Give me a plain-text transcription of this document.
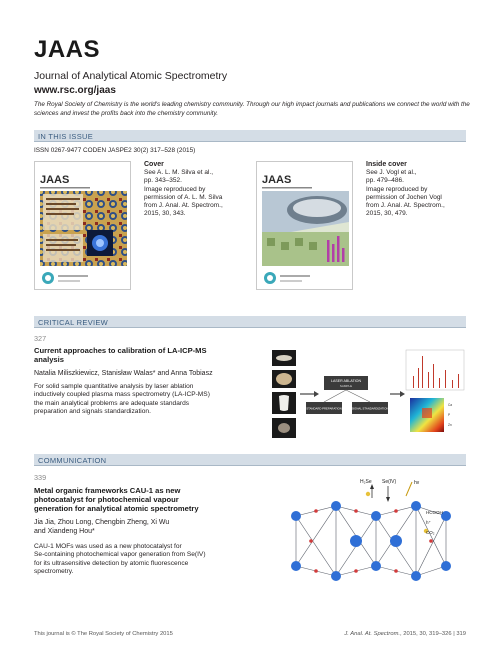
JAAS
Journal of Analytical Atomic Spectrometry
www.rsc.org/jaas
The Royal Society of Chemistry is the world's leading chemistry community. Through our high impact journals and publications we connect the world with the sciences and invest the profits back into the chemistry community.
IN THIS ISSUE
ISSN 0267-9477 CODEN JASPE2 30(2) 317–528 (2015)
JAAS
Cover
See A. L. M. Silva et al.,
pp. 343–352.
Image reproduced by
permission of A. L. M. Silva
from J. Anal. At. Spectrom.,
2015, 30, 343.
JAAS
Inside cover
See J. Vogl et al.,
pp. 479–486.
Image reproduced by
permission of Jochen Vogl
from J. Anal. At. Spectrom.,
2015, 30, 479.
CRITICAL REVIEW
327
Current approaches to calibration of LA-ICP-MS
analysis
Natalia Miliszkiewicz, Stanisław Walas* and Anna Tobiasz
For solid sample quantitative analysis by laser ablation
inductively coupled plasma mass spectrometry (LA-ICP-MS)
the main analytical problems are adequate standards
preparation and signals standardization.
LASER ABLATION
SAMPLE
STANDARD PREPARATION	SIGNAL STANDARDIZATION
Ca
P
Zn
COMMUNICATION
339
Metal organic frameworks CAU-1 as new
photocatalyst for photochemical vapour
generation for analytical atomic spectrometry
Jia Jia, Zhou Long, Chengbin Zheng, Xi Wu
and Xiandeng Hou*
CAU-1 MOFs was used as a new photocatalyst for
Se-containing photochemical vapor generation from Se(IV)
for its ultrasensitive detection by atomic fluorescence
spectrometry.
H₂Se Se(IV)	hν
HCOOH
h⁺
CO₂
This journal is © The Royal Society of Chemistry 2015	J. Anal. At. Spectrom., 2015, 30, 319–326 | 319
